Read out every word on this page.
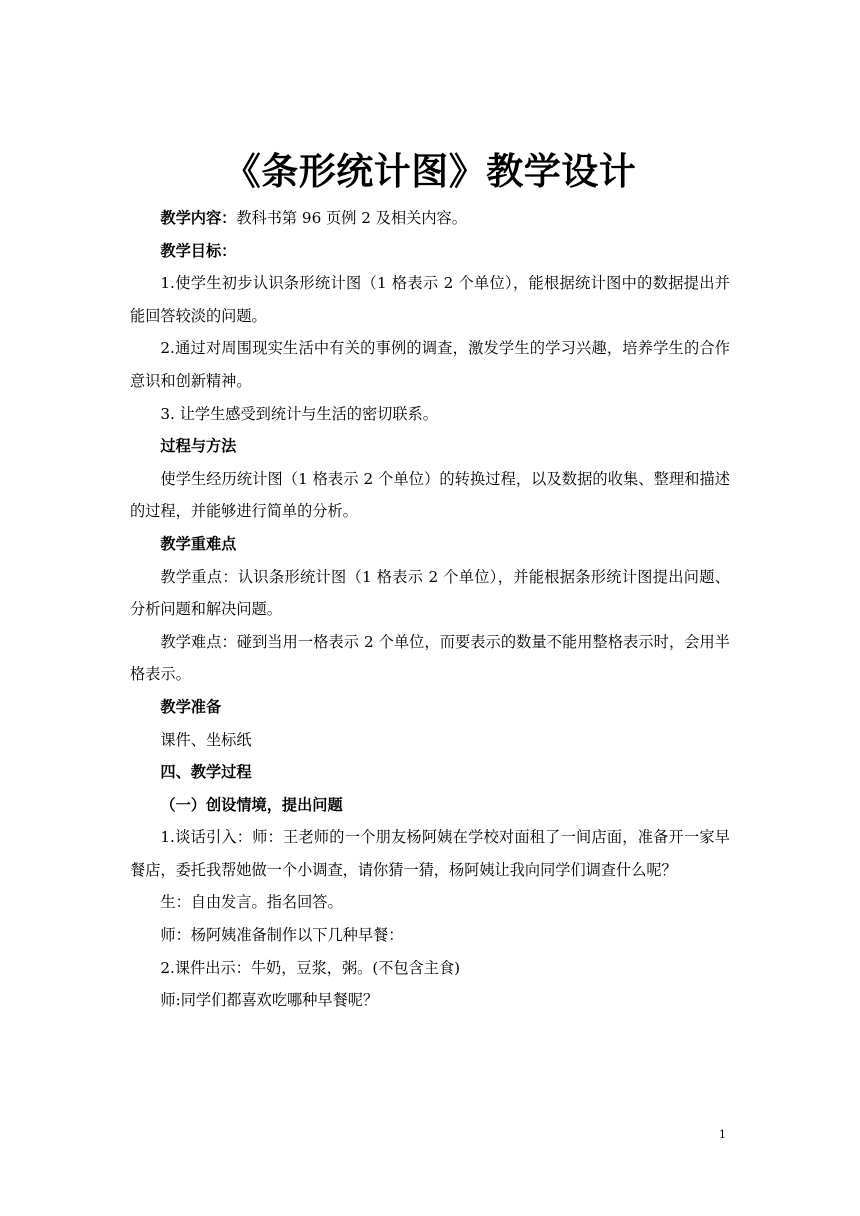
《条形统计图》教学设计

教学内容：教科书第 96 页例 2 及相关内容。

教学目标：

1.使学生初步认识条形统计图（1 格表示 2 个单位），能根据统计图中的数据提出并能回答较淡的问题。

2.通过对周围现实生活中有关的事例的调查，激发学生的学习兴趣，培养学生的合作意识和创新精神。

3. 让学生感受到统计与生活的密切联系。

过程与方法

使学生经历统计图（1 格表示 2 个单位）的转换过程，以及数据的收集、整理和描述的过程，并能够进行简单的分析。

教学重难点

教学重点：认识条形统计图（1 格表示 2 个单位），并能根据条形统计图提出问题、分析问题和解决问题。

教学难点：碰到当用一格表示 2 个单位，而要表示的数量不能用整格表示时，会用半格表示。

教学准备

课件、坐标纸

四、教学过程

（一）创设情境，提出问题

1.谈话引入：师：王老师的一个朋友杨阿姨在学校对面租了一间店面，准备开一家早餐店，委托我帮她做一个小调查，请你猜一猜，杨阿姨让我向同学们调查什么呢？

生：自由发言。指名回答。

师：杨阿姨准备制作以下几种早餐：

2.课件出示：牛奶，豆浆，粥。(不包含主食)

师:同学们都喜欢吃哪种早餐呢？

1
